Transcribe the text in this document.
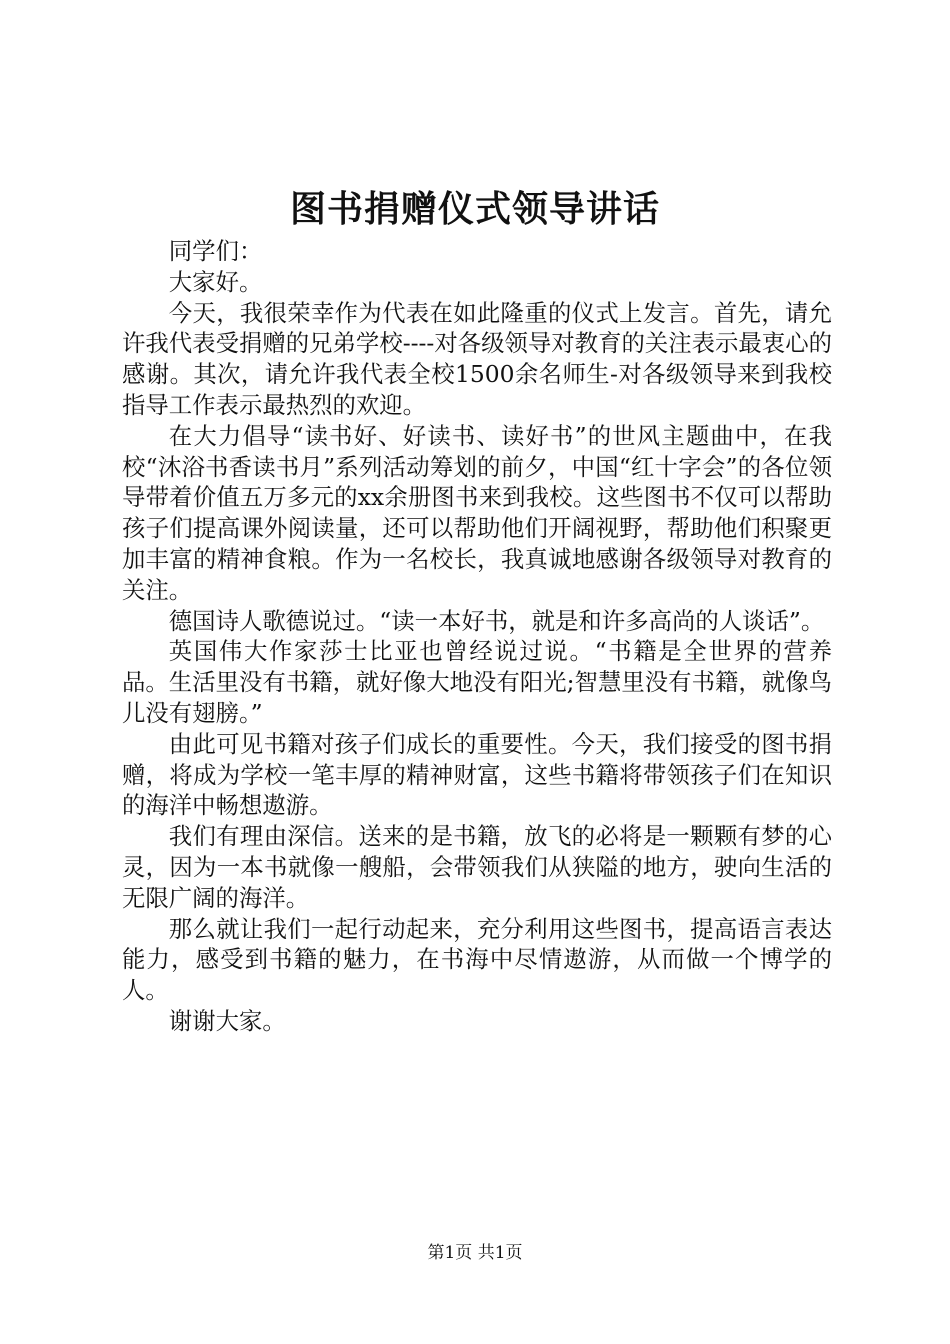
图书捐赠仪式领导讲话

同学们：

大家好。

今天，我很荣幸作为代表在如此隆重的仪式上发言。首先，请允许我代表受捐赠的兄弟学校----对各级领导对教育的关注表示最衷心的感谢。其次，请允许我代表全校1500余名师生-对各级领导来到我校指导工作表示最热烈的欢迎。

在大力倡导“读书好、好读书、读好书”的世风主题曲中，在我校“沐浴书香读书月”系列活动筹划的前夕，中国“红十字会”的各位领导带着价值五万多元的xx余册图书来到我校。这些图书不仅可以帮助孩子们提高课外阅读量，还可以帮助他们开阔视野，帮助他们积聚更加丰富的精神食粮。作为一名校长，我真诚地感谢各级领导对教育的关注。

德国诗人歌德说过。“读一本好书，就是和许多高尚的人谈话”。

英国伟大作家莎士比亚也曾经说过说。“书籍是全世界的营养品。生活里没有书籍，就好像大地没有阳光;智慧里没有书籍，就像鸟儿没有翅膀。”

由此可见书籍对孩子们成长的重要性。今天，我们接受的图书捐赠，将成为学校一笔丰厚的精神财富，这些书籍将带领孩子们在知识的海洋中畅想遨游。

我们有理由深信。送来的是书籍，放飞的必将是一颗颗有梦的心灵，因为一本书就像一艘船，会带领我们从狭隘的地方，驶向生活的无限广阔的海洋。

那么就让我们一起行动起来，充分利用这些图书，提高语言表达能力，感受到书籍的魅力，在书海中尽情遨游，从而做一个博学的人。

谢谢大家。

第1页 共1页
